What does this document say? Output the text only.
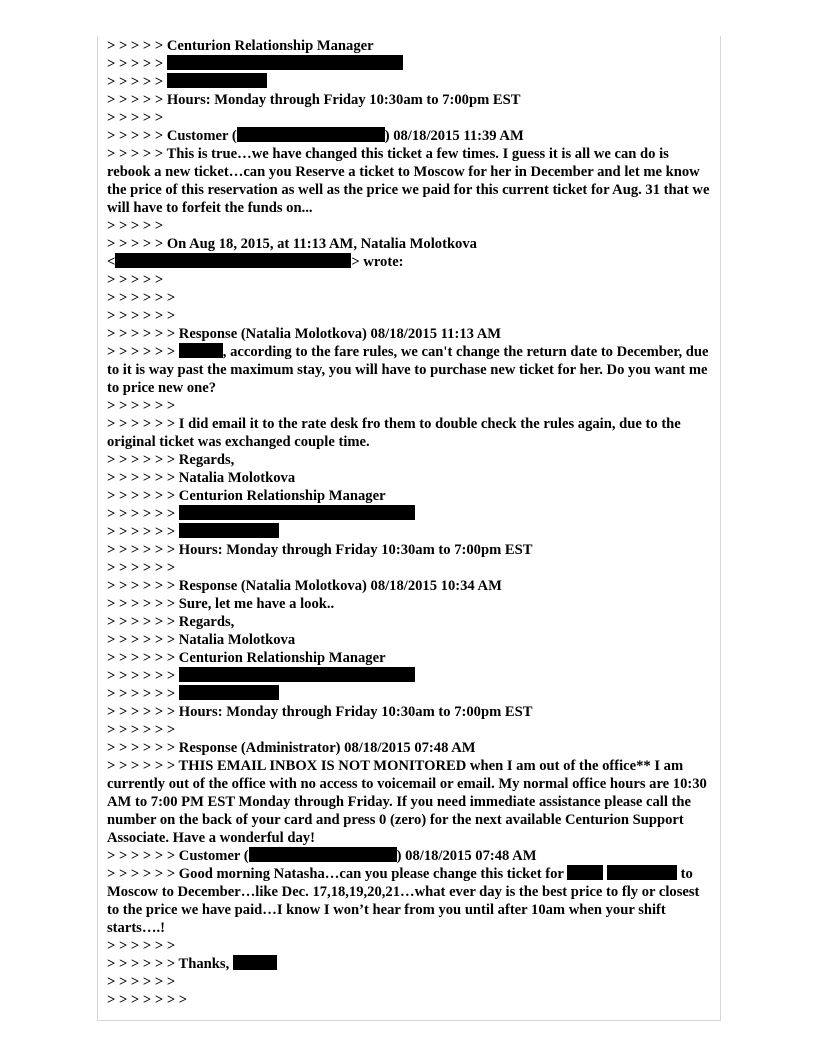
> > > > > Centurion Relationship Manager

> > > > >

> > > > >

> > > > > Hours: Monday through Friday 10:30am to 7:00pm EST

> > > > >

> > > > > Customer (	) 08/18/2015 11:39 AM

> > > > > This is true…we have changed this ticket a few times. I guess it is all we can do is rebook a new ticket…can you Reserve a ticket to Moscow for her in December and let me know the price of this reservation as well as the price we paid for this current ticket for Aug. 31 that we will have to forfeit the funds on...

> > > > >

> > > > > On Aug 18, 2015, at 11:13 AM, Natalia Molotkova

<	> wrote:

> > > > >

> > > > > >

> > > > > >

> > > > > > Response (Natalia Molotkova) 08/18/2015 11:13 AM

> > > > > >	, according to the fare rules, we can't change the return date to December, due to it is way past the maximum stay, you will have to purchase new ticket for her. Do you want me to price new one?

> > > > > >

> > > > > > I did email it to the rate desk fro them to double check the rules again, due to the original ticket was exchanged couple time.

> > > > > > Regards,

> > > > > > Natalia Molotkova

> > > > > > Centurion Relationship Manager

> > > > > >

> > > > > >

> > > > > > Hours: Monday through Friday 10:30am to 7:00pm EST

> > > > > >

> > > > > > Response (Natalia Molotkova) 08/18/2015 10:34 AM

> > > > > > Sure, let me have a look..

> > > > > > Regards,

> > > > > > Natalia Molotkova

> > > > > > Centurion Relationship Manager

> > > > > >

> > > > > >

> > > > > > Hours: Monday through Friday 10:30am to 7:00pm EST

> > > > > >

> > > > > > Response (Administrator) 08/18/2015 07:48 AM

> > > > > > THIS EMAIL INBOX IS NOT MONITORED when I am out of the office** I am currently out of the office with no access to voicemail or email. My normal office hours are 10:30 AM to 7:00 PM EST Monday through Friday. If you need immediate assistance please call the number on the back of your card and press 0 (zero) for the next available Centurion Support Associate. Have a wonderful day!

> > > > > > Customer (	) 08/18/2015 07:48 AM

> > > > > > Good morning Natasha…can you please change this ticket for	to Moscow to December…like Dec. 17,18,19,20,21…what ever day is the best price to fly or closest to the price we have paid…I know I won’t hear from you until after 10am when your shift starts….!

> > > > > >

> > > > > > Thanks,

> > > > > >

> > > > > > >
